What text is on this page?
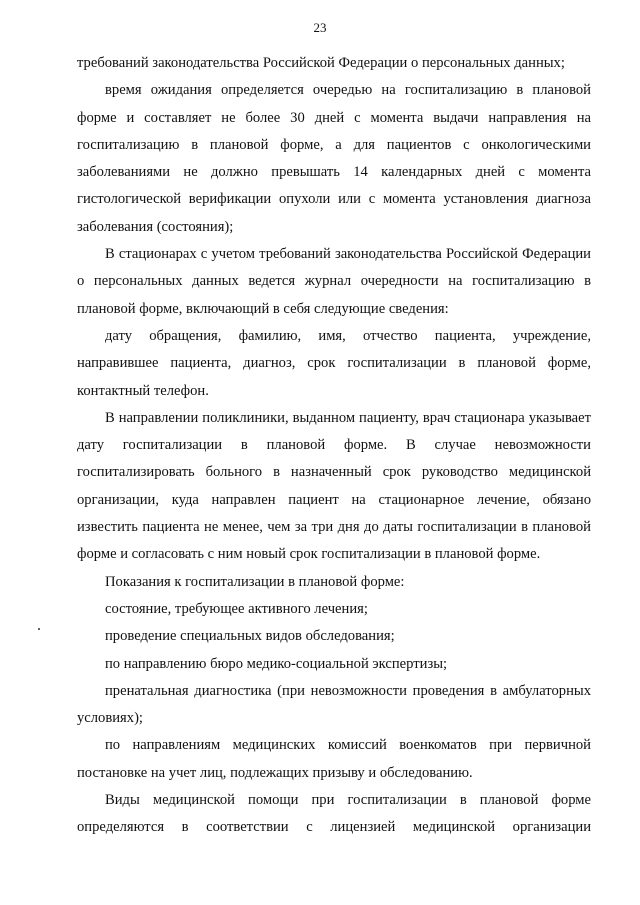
23

требований законодательства Российской Федерации о персональных данных;

время ожидания определяется очередью на госпитализацию в плановой форме и составляет не более 30 дней с момента выдачи направления на госпитализацию в плановой форме, а для пациентов с онкологическими заболеваниями не должно превышать 14 календарных дней с момента гистологической верификации опухоли или с момента установления диагноза заболевания (состояния);

В стационарах с учетом требований законодательства Российской Федерации о персональных данных ведется журнал очередности на госпитализацию в плановой форме, включающий в себя следующие сведения:

дату обращения, фамилию, имя, отчество пациента, учреждение, направившее пациента, диагноз, срок госпитализации в плановой форме, контактный телефон.

В направлении поликлиники, выданном пациенту, врач стационара указывает дату госпитализации в плановой форме. В случае невозможности госпитализировать больного в назначенный срок руководство медицинской организации, куда направлен пациент на стационарное лечение, обязано известить пациента не менее, чем за три дня до даты госпитализации в плановой форме и согласовать с ним новый срок госпитализации в плановой форме.

Показания к госпитализации в плановой форме:

состояние, требующее активного лечения;

проведение специальных видов обследования;

по направлению бюро медико-социальной экспертизы;

пренатальная диагностика (при невозможности проведения в амбулаторных условиях);

по направлениям медицинских комиссий военкоматов при первичной постановке на учет лиц, подлежащих призыву и обследованию.

Виды медицинской помощи при госпитализации в плановой форме определяются в соответствии с лицензией медицинской организации
